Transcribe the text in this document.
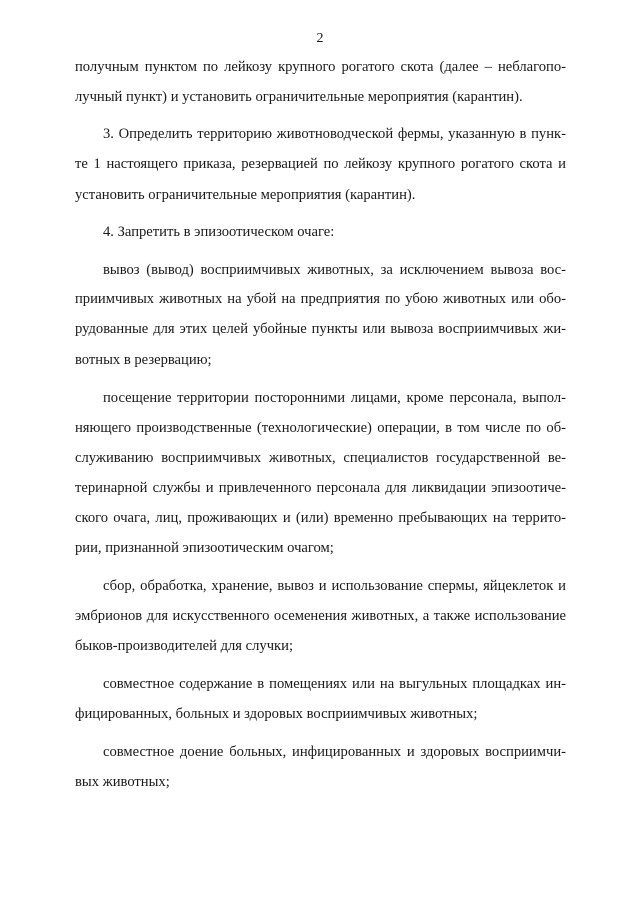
2
получным пунктом по лейкозу крупного рогатого скота (далее – неблагопо-
лучный пункт) и установить ограничительные мероприятия (карантин).
3. Определить территорию животноводческой фермы, указанную в пунк-
те 1 настоящего приказа, резервацией по лейкозу крупного рогатого скота и
установить ограничительные мероприятия (карантин).
4. Запретить в эпизоотическом очаге:
вывоз (вывод) восприимчивых животных, за исключением вывоза вос-
приимчивых животных на убой на предприятия по убою животных или обо-
рудованные для этих целей убойные пункты или вывоза восприимчивых жи-
вотных в резервацию;
посещение территории посторонними лицами, кроме персонала, выпол-
няющего производственные (технологические) операции, в том числе по об-
служиванию восприимчивых животных, специалистов государственной ве-
теринарной службы и привлеченного персонала для ликвидации эпизоотиче-
ского очага, лиц, проживающих и (или) временно пребывающих на террито-
рии, признанной эпизоотическим очагом;
сбор, обработка, хранение, вывоз и использование спермы, яйцеклеток и
эмбрионов для искусственного осеменения животных, а также использование
быков-производителей для случки;
совместное содержание в помещениях или на выгульных площадках ин-
фицированных, больных и здоровых восприимчивых животных;
совместное доение больных, инфицированных и здоровых восприимчи-
вых животных;
